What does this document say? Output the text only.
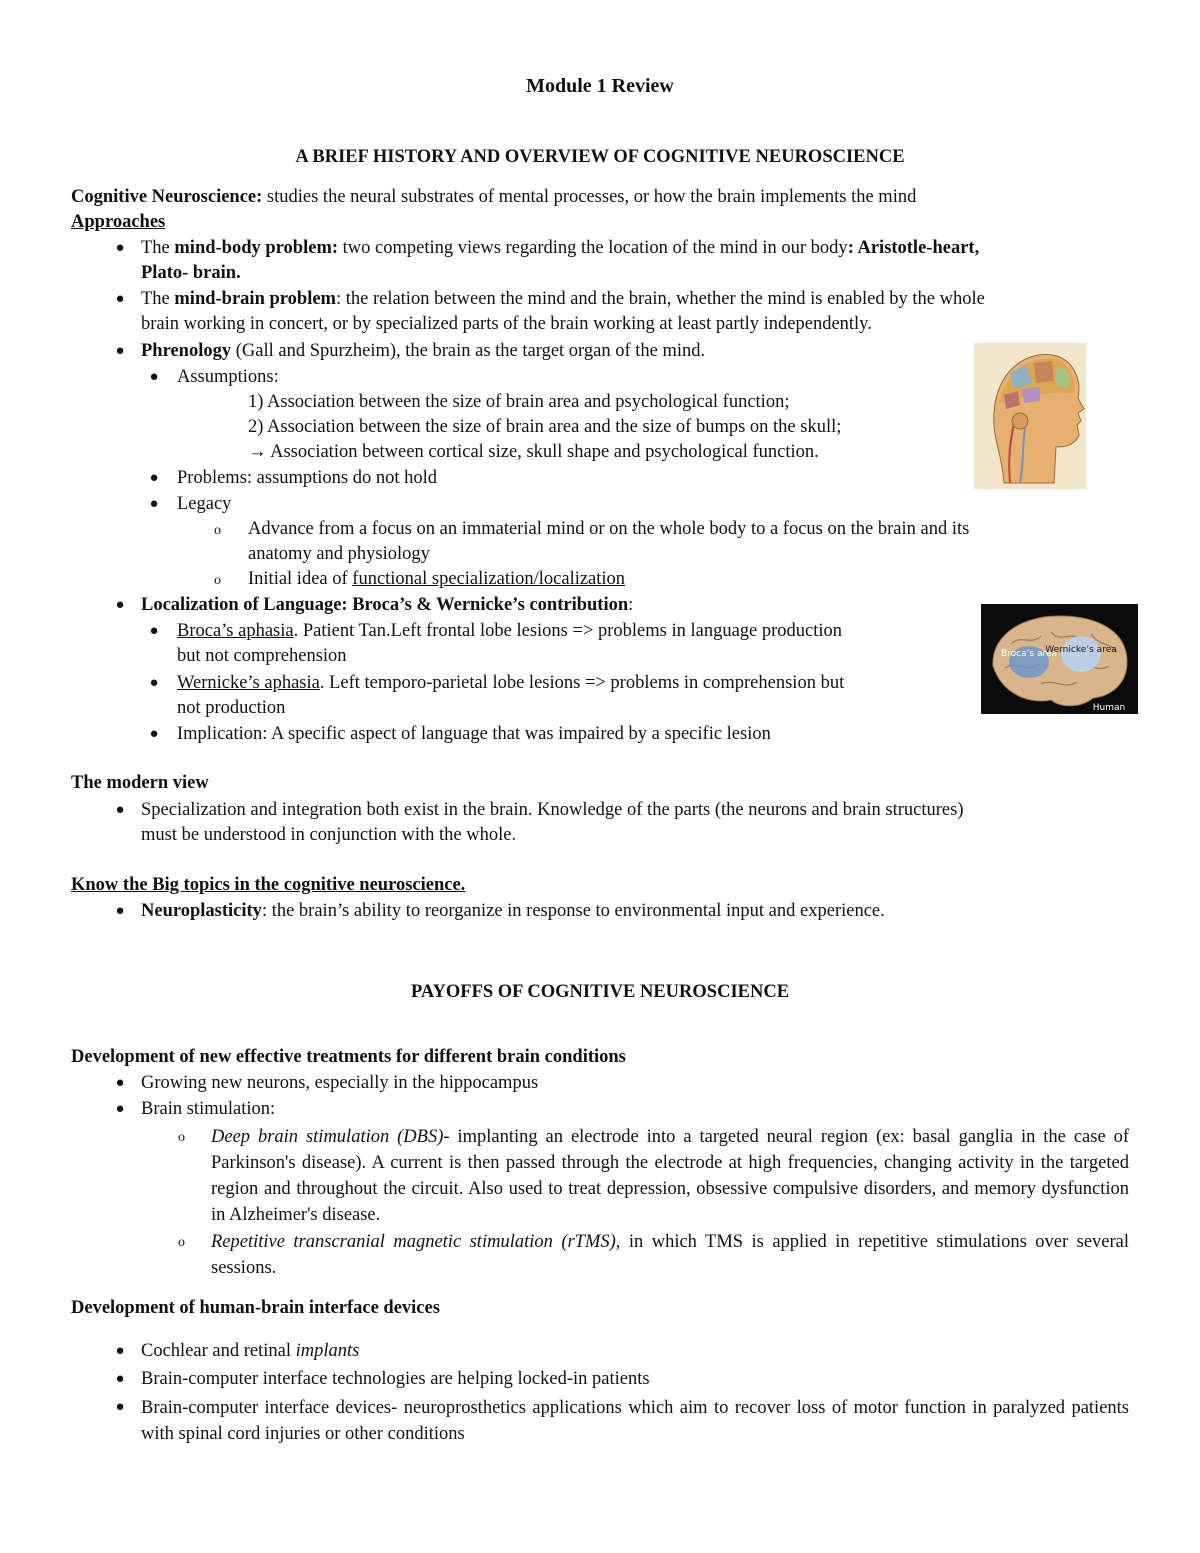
Module 1 Review
A BRIEF HISTORY AND OVERVIEW OF COGNITIVE NEUROSCIENCE
Cognitive Neuroscience: studies the neural substrates of mental processes, or how the brain implements the mind
Approaches
● The mind-body problem: two competing views regarding the location of the mind in our body: Aristotle-heart,
Plato- brain.
● The mind-brain problem: the relation between the mind and the brain, whether the mind is enabled by the whole
brain working in concert, or by specialized parts of the brain working at least partly independently.
● Phrenology (Gall and Spurzheim), the brain as the target organ of the mind.
● Assumptions:
1) Association between the size of brain area and psychological function;
2) Association between the size of brain area and the size of bumps on the skull;
→ Association between cortical size, skull shape and psychological function.
● Problems: assumptions do not hold
● Legacy
o Advance from a focus on an immaterial mind or on the whole body to a focus on the brain and its
anatomy and physiology
o Initial idea of functional specialization/localization
● Localization of Language: Broca’s & Wernicke’s contribution:
● Broca’s aphasia. Patient Tan.Left frontal lobe lesions => problems in language production
but not comprehension
● Wernicke’s aphasia. Left temporo-parietal lobe lesions => problems in comprehension but
not production
● Implication: A specific aspect of language that was impaired by a specific lesion
Broca’s area
Wernicke’s area
Human
The modern view
● Specialization and integration both exist in the brain. Knowledge of the parts (the neurons and brain structures)
must be understood in conjunction with the whole.
Know the Big topics in the cognitive neuroscience.
● Neuroplasticity: the brain’s ability to reorganize in response to environmental input and experience.
PAYOFFS OF COGNITIVE NEUROSCIENCE
Development of new effective treatments for different brain conditions
● Growing new neurons, especially in the hippocampus
● Brain stimulation:
o Deep brain stimulation (DBS)- implanting an electrode into a targeted neural region (ex: basal ganglia in the case of Parkinson's disease). A current is then passed through the electrode at high frequencies, changing activity in the targeted region and throughout the circuit. Also used to treat depression, obsessive compulsive disorders, and memory dysfunction in Alzheimer's disease.
o Repetitive transcranial magnetic stimulation (rTMS), in which TMS is applied in repetitive stimulations over several sessions.
Development of human-brain interface devices
● Cochlear and retinal implants
● Brain-computer interface technologies are helping locked-in patients
● Brain-computer interface devices- neuroprosthetics applications which aim to recover loss of motor function in paralyzed patients with spinal cord injuries or other conditions
